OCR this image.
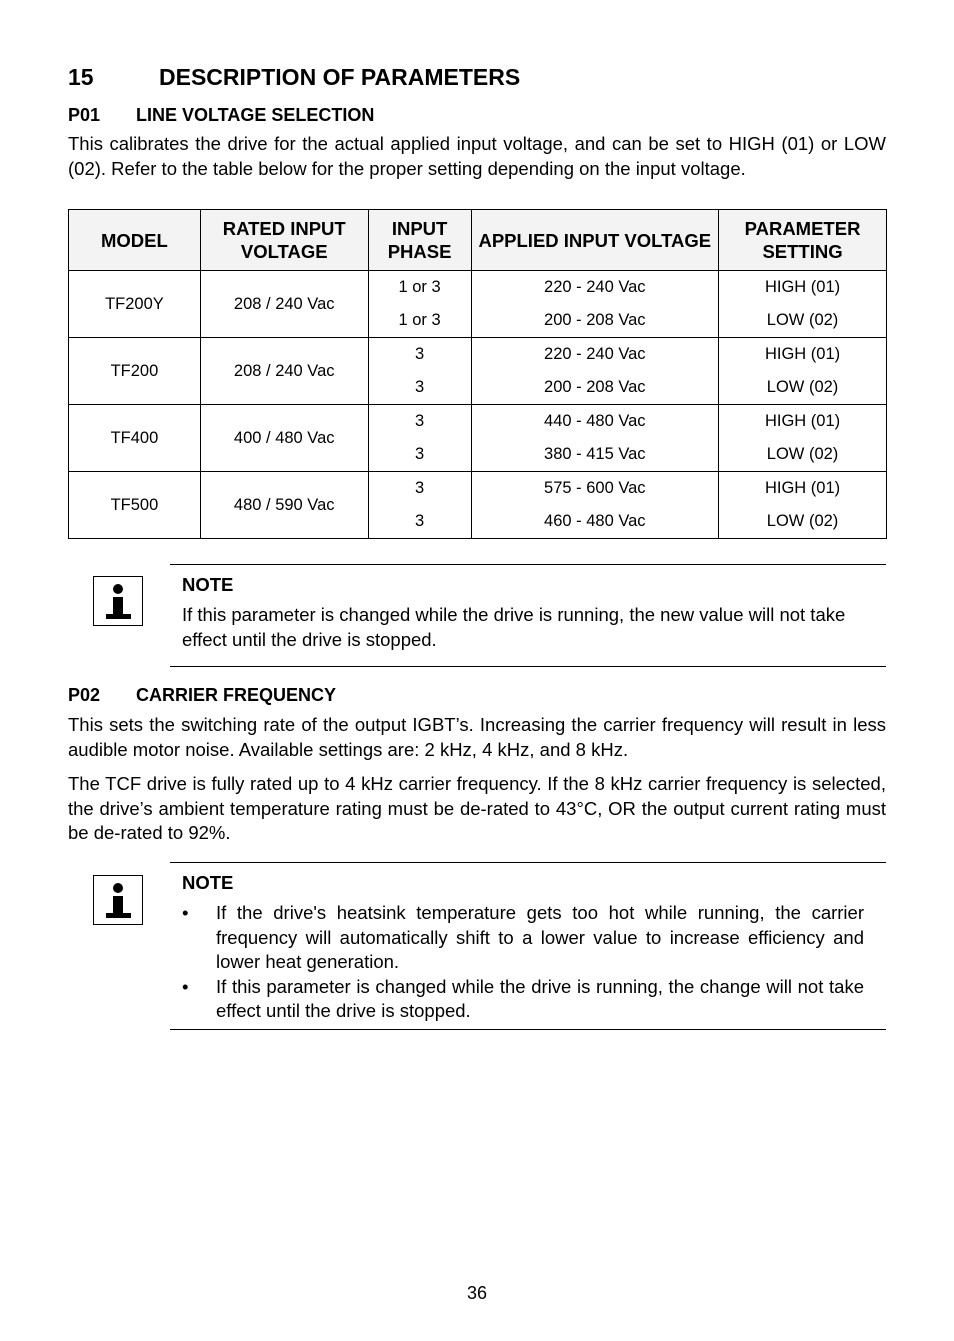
15	DESCRIPTION OF PARAMETERS
P01 LINE VOLTAGE SELECTION
This calibrates the drive for the actual applied input voltage, and can be set to HIGH (01) or LOW (02). Refer to the table below for the proper setting depending on the input voltage.
MODEL	RATED INPUT VOLTAGE	INPUT PHASE	APPLIED INPUT VOLTAGE	PARAMETER SETTING
TF200Y	208 / 240 Vac	1 or 3	220 - 240 Vac	HIGH (01)
		1 or 3	200 - 208 Vac	LOW (02)
TF200	208 / 240 Vac	3	220 - 240 Vac	HIGH (01)
		3	200 - 208 Vac	LOW (02)
TF400	400 / 480 Vac	3	440 - 480 Vac	HIGH (01)
		3	380 - 415 Vac	LOW (02)
TF500	480 / 590 Vac	3	575 - 600 Vac	HIGH (01)
		3	460 - 480 Vac	LOW (02)
NOTE
If this parameter is changed while the drive is running, the new value will not take effect until the drive is stopped.
P02 CARRIER FREQUENCY
This sets the switching rate of the output IGBT’s. Increasing the carrier frequency will result in less audible motor noise. Available settings are: 2 kHz, 4 kHz, and 8 kHz.
The TCF drive is fully rated up to 4 kHz carrier frequency. If the 8 kHz carrier frequency is selected, the drive’s ambient temperature rating must be de-rated to 43°C, OR the output current rating must be de-rated to 92%.
NOTE
• If the drive's heatsink temperature gets too hot while running, the carrier frequency will automatically shift to a lower value to increase efficiency and lower heat generation.
• If this parameter is changed while the drive is running, the change will not take effect until the drive is stopped.
36
